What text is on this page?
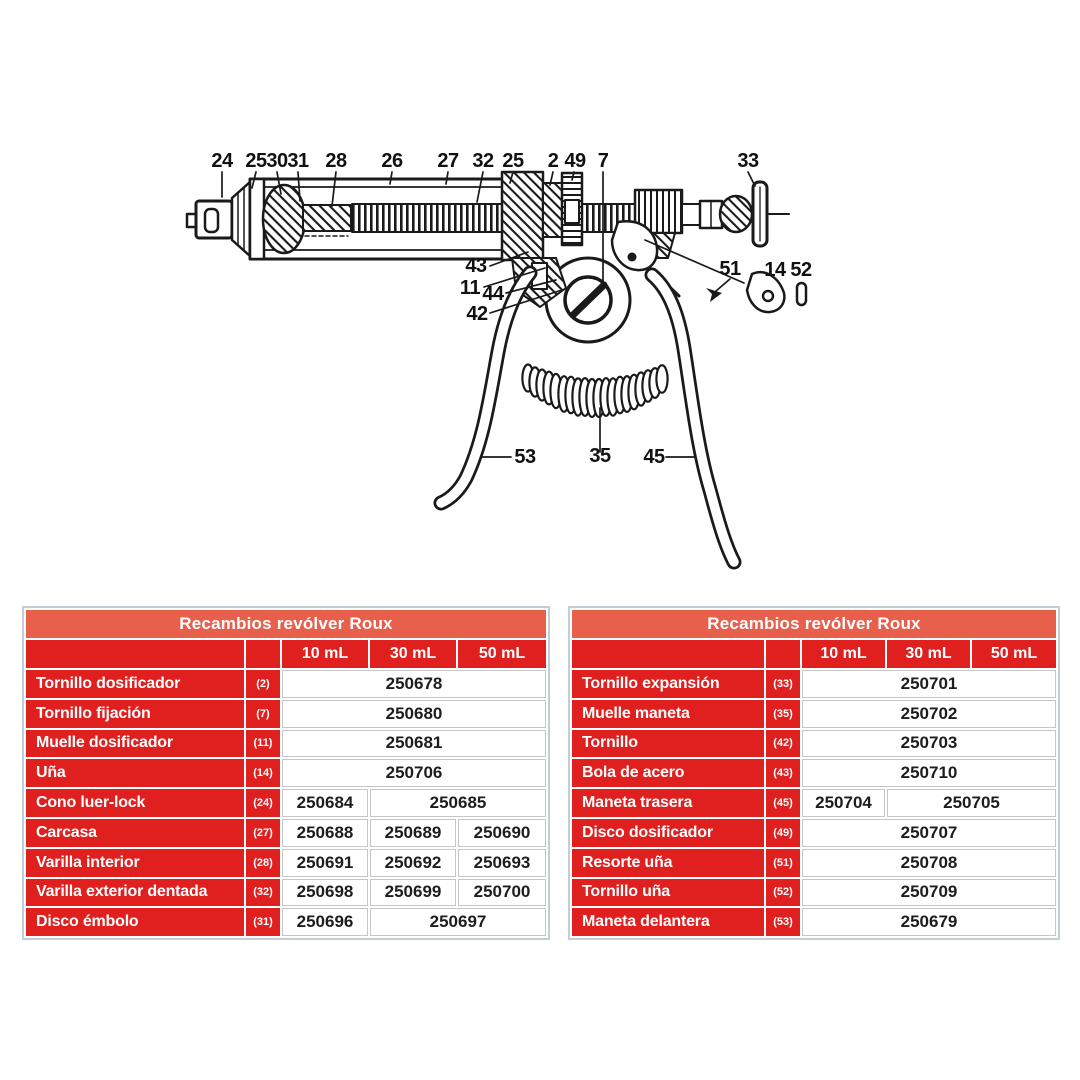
24 25 30 31 28 26 27 32 25 2 49 7	33
43
11 44
42
51 14 52
53	35 45
Recambios revólver Roux
10 mL	30 mL	50 mL
Tornillo dosificador	(2)	250678
Tornillo fijación	(7)	250680
Muelle dosificador	(11)	250681
Uña	(14)	250706
Cono luer-lock	(24)	250684	250685
Carcasa	(27)	250688	250689	250690
Varilla interior	(28)	250691	250692	250693
Varilla exterior dentada	(32)	250698	250699	250700
Disco émbolo	(31)	250696	250697
Recambios revólver Roux
10 mL	30 mL	50 mL
Tornillo expansión	(33)	250701
Muelle maneta	(35)	250702
Tornillo	(42)	250703
Bola de acero	(43)	250710
Maneta trasera	(45)	250704	250705
Disco dosificador	(49)	250707
Resorte uña	(51)	250708
Tornillo uña	(52)	250709
Maneta delantera	(53)	250679
